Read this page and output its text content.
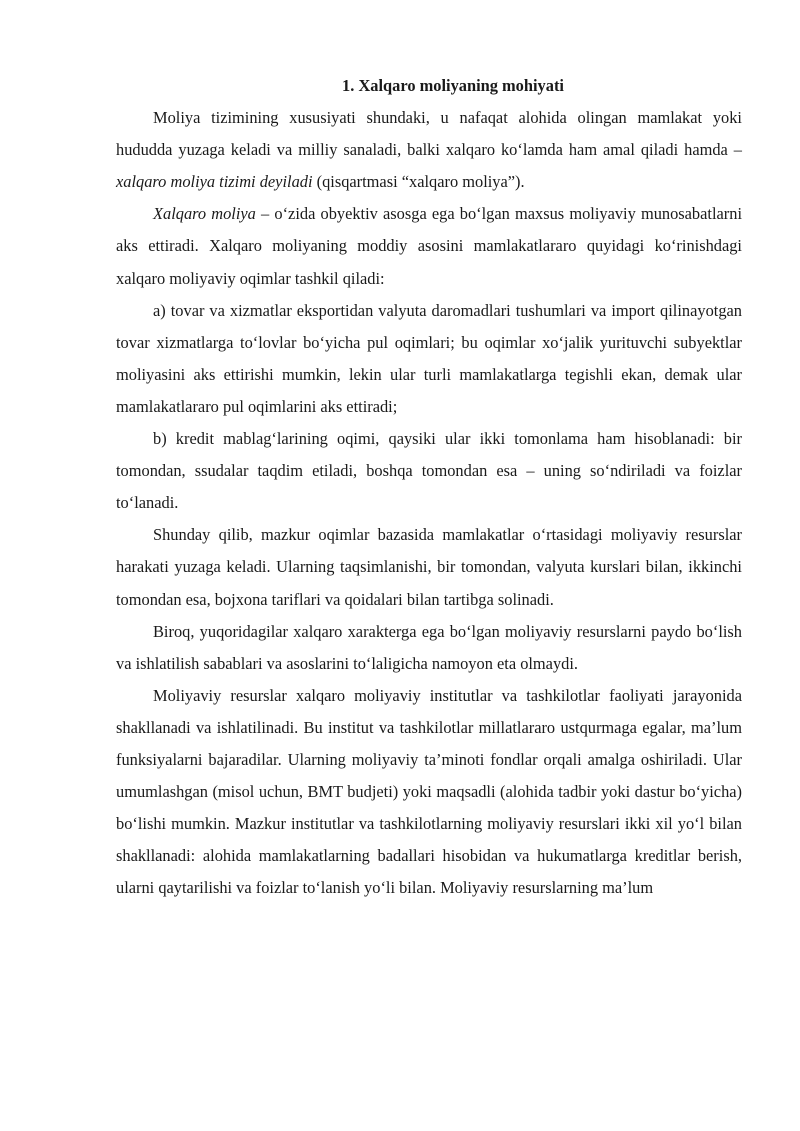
1. Xalqaro moliyaning mohiyati

Moliya tizimining xususiyati shundaki, u nafaqat alohida olingan mamlakat yoki hududda yuzaga keladi va milliy sanaladi, balki xalqaro ko‘lamda ham amal qiladi hamda – xalqaro moliya tizimi deyiladi (qisqartmasi “xalqaro moliya”).

Xalqaro moliya – o‘zida obyektiv asosga ega bo‘lgan maxsus moliyaviy munosabatlarni aks ettiradi. Xalqaro moliyaning moddiy asosini mamlakatlararo quyidagi ko‘rinishdagi xalqaro moliyaviy oqimlar tashkil qiladi:

a) tovar va xizmatlar eksportidan valyuta daromadlari tushumlari va import qilinayotgan tovar xizmatlarga to‘lovlar bo‘yicha pul oqimlari; bu oqimlar xo‘jalik yurituvchi subyektlar moliyasini aks ettirishi mumkin, lekin ular turli mamlakatlarga tegishli ekan, demak ular mamlakatlararo pul oqimlarini aks ettiradi;

b) kredit mablag‘larining oqimi, qaysiki ular ikki tomonlama ham hisoblanadi: bir tomondan, ssudalar taqdim etiladi, boshqa tomondan esa – uning so‘ndiriladi va foizlar to‘lanadi.

Shunday qilib, mazkur oqimlar bazasida mamlakatlar o‘rtasidagi moliyaviy resurslar harakati yuzaga keladi. Ularning taqsimlanishi, bir tomondan, valyuta kurslari bilan, ikkinchi tomondan esa, bojxona tariflari va qoidalari bilan tartibga solinadi.

Biroq, yuqoridagilar xalqaro xarakterga ega bo‘lgan moliyaviy resurslarni paydo bo‘lish va ishlatilish sabablari va asoslarini to‘laligicha namoyon eta olmaydi.

Moliyaviy resurslar xalqaro moliyaviy institutlar va tashkilotlar faoliyati jarayonida shakllanadi va ishlatilinadi. Bu institut va tashkilotlar millatlararo ustqurmaga egalar, ma’lum funksiyalarni bajaradilar. Ularning moliyaviy ta’minoti fondlar orqali amalga oshiriladi. Ular umumlashgan (misol uchun, BMT budjeti) yoki maqsadli (alohida tadbir yoki dastur bo‘yicha) bo‘lishi mumkin. Mazkur institutlar va tashkilotlarning moliyaviy resurslari ikki xil yo‘l bilan shakllanadi: alohida mamlakatlarning badallari hisobidan va hukumatlarga kreditlar berish, ularni qaytarilishi va foizlar to‘lanish yo‘li bilan. Moliyaviy resurslarning ma’lum
